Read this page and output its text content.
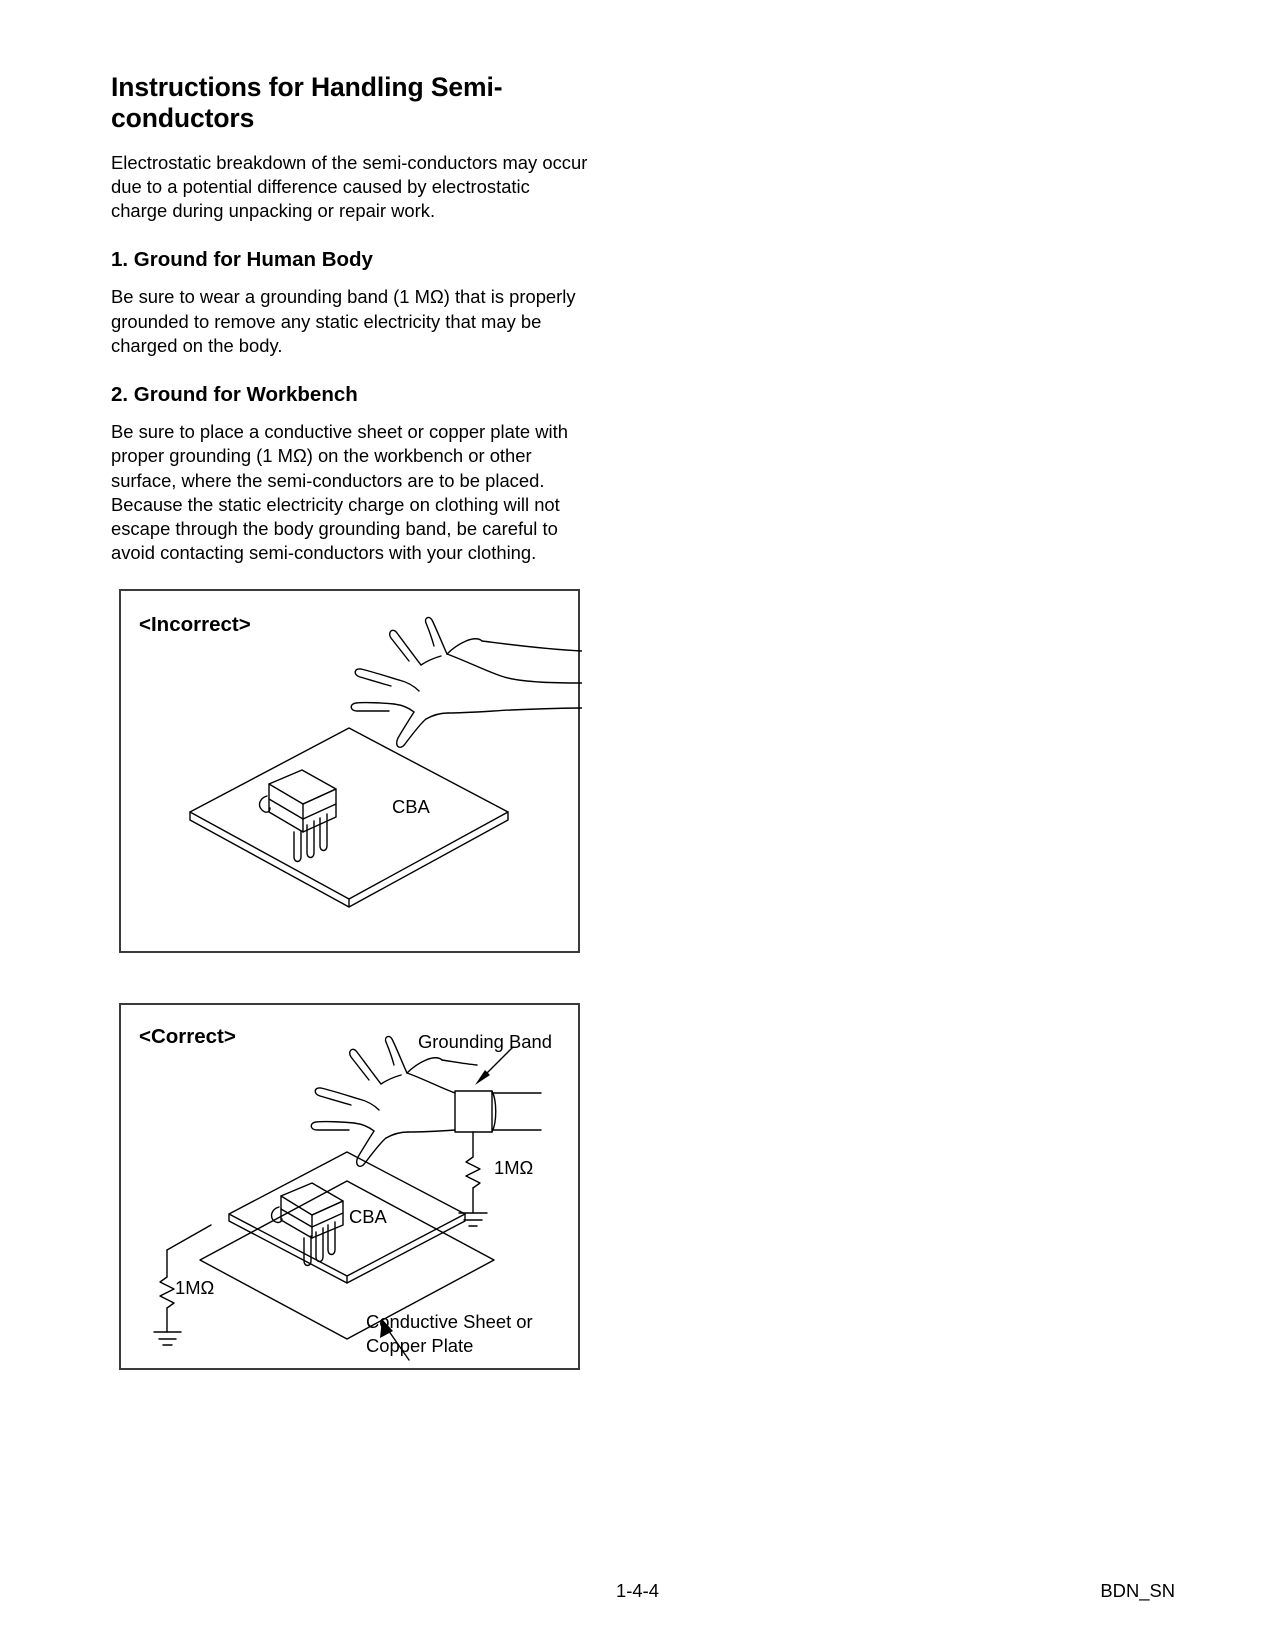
Instructions for Handling Semi-
conductors

Electrostatic breakdown of the semi-conductors may occur due to a potential difference caused by electrostatic charge during unpacking or repair work.

1. Ground for Human Body

Be sure to wear a grounding band (1 MΩ) that is properly grounded to remove any static electricity that may be charged on the body.

2. Ground for Workbench

Be sure to place a conductive sheet or copper plate with proper grounding (1 MΩ) on the workbench or other surface, where the semi-conductors are to be placed. Because the static electricity charge on clothing will not escape through the body grounding band, be careful to avoid contacting semi-conductors with your clothing.

<Incorrect>
CBA
<Correct>	Grounding Band
1MΩ
CBA
1MΩ
Conductive Sheet or
Copper Plate
1-4-4	BDN_SN
